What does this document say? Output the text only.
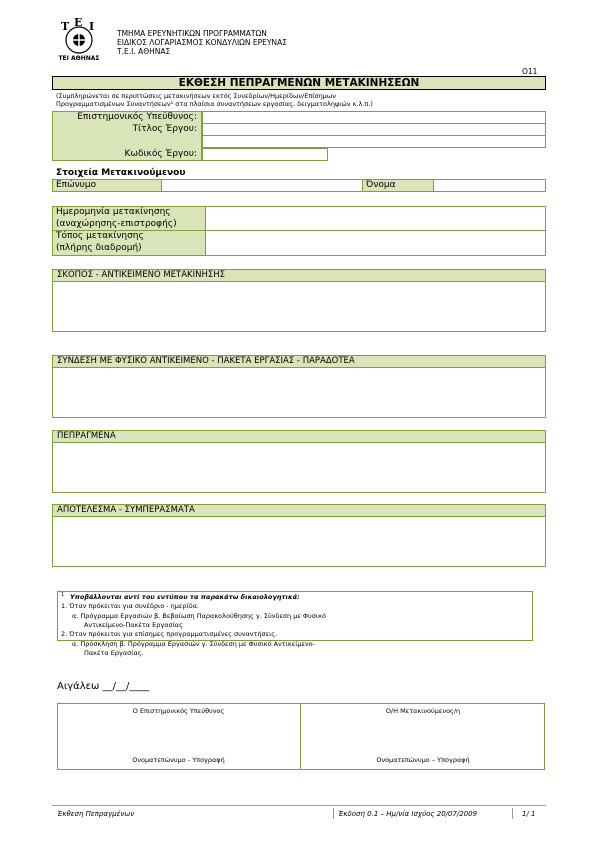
T E I
ΤΕΙ ΑΘΗΝΑΣ
ΤΜΗΜΑ ΕΡΕΥΝΗΤΙΚΩΝ ΠΡΟΓΡΑΜΜΑΤΩΝ
ΕΙΔΙΚΟΣ ΛΟΓΑΡΙΑΣΜΟΣ ΚΟΝΔΥΛΙΩΝ ΕΡΕΥΝΑΣ
Τ.Ε.Ι. ΑΘΗΝΑΣ
Ο11
ΕΚΘΕΣΗ ΠΕΠΡΑΓΜΕΝΩΝ ΜΕΤΑΚΙΝΗΣΕΩΝ
(Συμπληρώνεται σε περιπτώσεις μετακινήσεων εκτός Συνεδρίων/Ημερίδων/Επίσημων
Προγραμματισμένων Συναντήσεων¹ στα πλαίσια συναντήσεων εργασίας, δειγματοληψιών κ.λ.π.)
Επιστημονικός Υπεύθυνος:
Τίτλος Έργου:
Κωδικός Έργου:
Στοιχεία Μετακινούμενου
Επώνυμο	Όνομα
Ημερομηνία μετακίνησης
(αναχώρησης-επιστροφής)
Τόπος μετακίνησης
(πλήρης διαδρομή)
ΣΚΟΠΟΣ - ΑΝΤΙΚΕΙΜΕΝΟ ΜΕΤΑΚΙΝΗΣΗΣ
ΣΥΝΔΕΣΗ ΜΕ ΦΥΣΙΚΟ ΑΝΤΙΚΕΙΜΕΝΟ - ΠΑΚΕΤΑ ΕΡΓΑΣΙΑΣ - ΠΑΡΑΔΟΤΕΑ
ΠΕΠΡΑΓΜΕΝΑ
ΑΠΟΤΕΛΕΣΜΑ - ΣΥΜΠΕΡΑΣΜΑΤΑ
1 Υποβάλλονται αντί του εντύπου τα παρακάτω δικαιολογητικά:
1. Όταν πρόκειται για συνέδριο - ημερίδα.
α. Πρόγραμμα Εργασιών β. Βεβαίωση Παρακολούθησης γ. Σύνδεση με Φυσικό
Αντικείμενο-Πακέτα Εργασίας
2. Όταν πρόκειται για επίσημες προγραμματισμένες συναντήσεις.
α. Πρόσκληση β. Πρόγραμμα Εργασιών γ. Σύνδεση με Φυσικό Αντικείμενο-
Πακέτα Εργασίας.
Αιγάλεω __/__/____
Ο Επιστημονικός Υπεύθυνος
Ονοματεπώνυμο - Υπογραφή
Ο/Η Μετακινούμενος/η
Ονοματεπώνυμο – Υπογραφή
Έκθεση Πεπραγμένων	Έκδοση 0.1 – Ημ/νία Ισχύος 20/07/2009	1/ 1
